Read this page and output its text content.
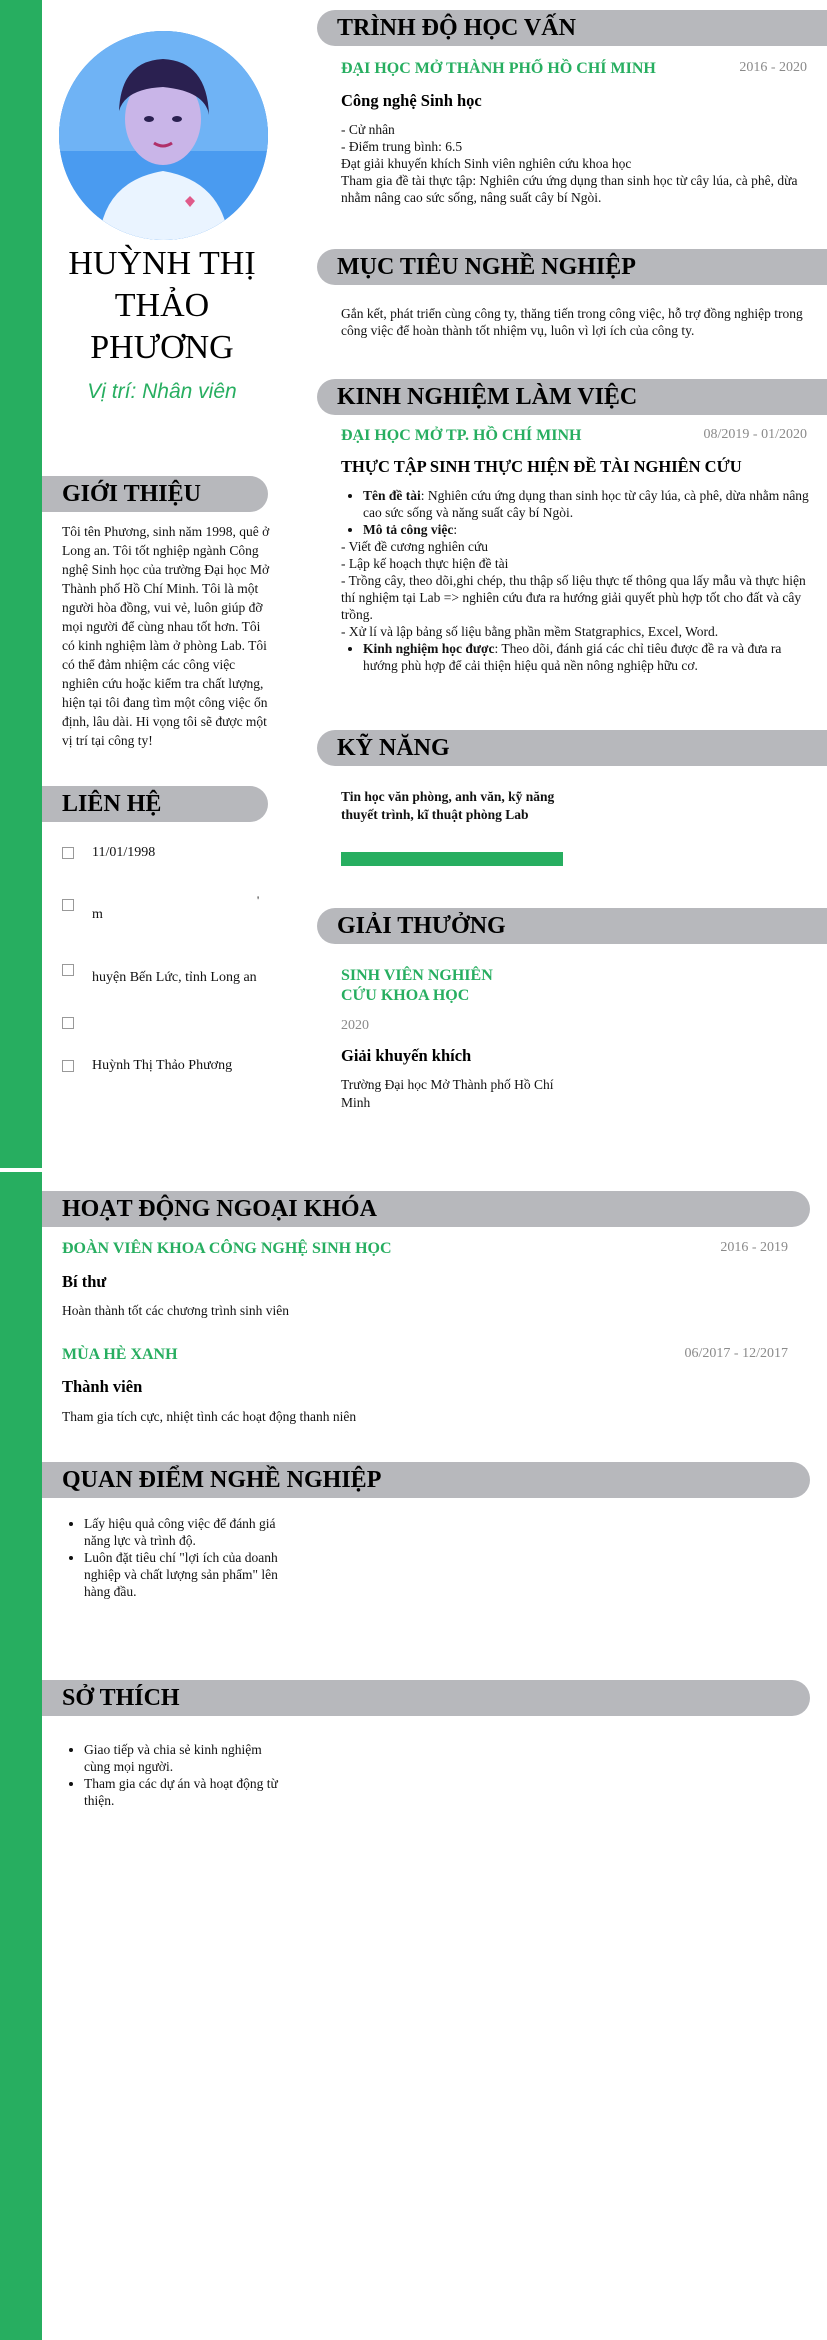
HUỲNH THỊ THẢO PHƯƠNG
Vị trí: Nhân viên
GIỚI THIỆU
Tôi tên Phương, sinh năm 1998, quê ở Long an. Tôi tốt nghiệp ngành Công nghệ Sinh học của trường Đại học Mở Thành phố Hồ Chí Minh. Tôi là một người hòa đồng, vui vẻ, luôn giúp đỡ mọi người để cùng nhau tốt hơn. Tôi có kinh nghiệm làm ở phòng Lab. Tôi có thể đảm nhiệm các công việc nghiên cứu hoặc kiểm tra chất lượng, hiện tại tôi đang tìm một công việc ổn định, lâu dài. Hi vọng tôi sẽ được một vị trí tại công ty!
LIÊN HỆ
11/01/1998
m
'
huyện Bến Lức, tỉnh Long an
Huỳnh Thị Thảo Phương
TRÌNH ĐỘ HỌC VẤN
ĐẠI HỌC MỞ THÀNH PHỐ HỒ CHÍ MINH	2016 - 2020
Công nghệ Sinh học
- Cử nhân
- Điểm trung bình: 6.5
Đạt giải khuyến khích Sinh viên nghiên cứu khoa học
Tham gia đề tài thực tập: Nghiên cứu ứng dụng than sinh học từ cây lúa, cà phê, dừa nhằm nâng cao sức sống, nâng suất cây bí Ngòi.
MỤC TIÊU NGHỀ NGHIỆP
Gắn kết, phát triển cùng công ty, thăng tiến trong công việc, hỗ trợ đồng nghiệp trong công việc để hoàn thành tốt nhiệm vụ, luôn vì lợi ích của công ty.
KINH NGHIỆM LÀM VIỆC
ĐẠI HỌC MỞ TP. HỒ CHÍ MINH	08/2019 - 01/2020
THỰC TẬP SINH THỰC HIỆN ĐỀ TÀI NGHIÊN CỨU
• Tên đề tài: Nghiên cứu ứng dụng than sinh học từ cây lúa, cà phê, dừa nhằm nâng cao sức sống và năng suất cây bí Ngòi.
• Mô tả công việc:
- Viết đề cương nghiên cứu
- Lập kế hoạch thực hiện đề tài
- Trồng cây, theo dõi,ghi chép, thu thập số liệu thực tế thông qua lấy mẫu và thực hiện thí nghiệm tại Lab => nghiên cứu đưa ra hướng giải quyết phù hợp tốt cho đất và cây trồng.
- Xử lí và lập bảng số liệu bằng phần mềm Statgraphics, Excel, Word.
• Kinh nghiệm học được: Theo dõi, đánh giá các chỉ tiêu được đề ra và đưa ra hướng phù hợp để cải thiện hiệu quả nền nông nghiệp hữu cơ.
KỸ NĂNG
Tin học văn phòng, anh văn, kỹ năng thuyết trình, kĩ thuật phòng Lab
GIẢI THƯỞNG
SINH VIÊN NGHIÊN CỨU KHOA HỌC
2020
Giải khuyến khích
Trường Đại học Mở Thành phố Hồ Chí Minh
HOẠT ĐỘNG NGOẠI KHÓA
ĐOÀN VIÊN KHOA CÔNG NGHỆ SINH HỌC	2016 - 2019
Bí thư
Hoàn thành tốt các chương trình sinh viên
MÙA HÈ XANH	06/2017 - 12/2017
Thành viên
Tham gia tích cực, nhiệt tình các hoạt động thanh niên
QUAN ĐIỂM NGHỀ NGHIỆP
• Lấy hiệu quả công việc để đánh giá năng lực và trình độ.
• Luôn đặt tiêu chí "lợi ích của doanh nghiệp và chất lượng sản phẩm" lên hàng đầu.
SỞ THÍCH
• Giao tiếp và chia sẻ kinh nghiệm cùng mọi người.
• Tham gia các dự án và hoạt động từ thiện.
